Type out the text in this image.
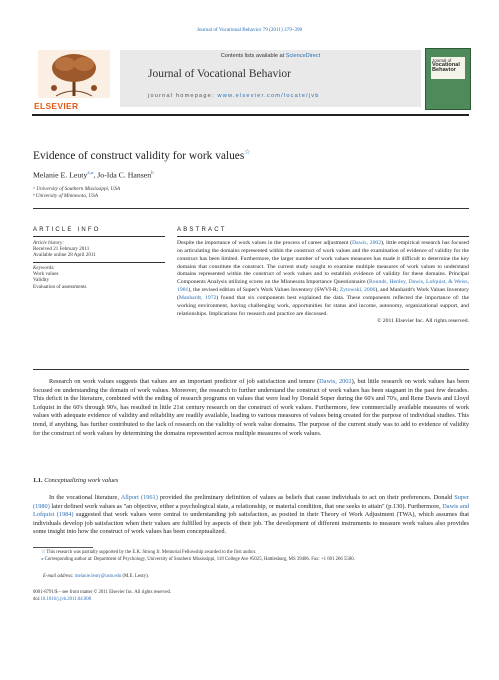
Journal of Vocational Behavior 79 (2011) 379–390
Contents lists available at ScienceDirect
Journal of Vocational Behavior
journal homepage: www.elsevier.com/locate/jvb
ELSEVIER
Journal of
Vocational
Behavior
Evidence of construct validity for work values☆
Melanie E. Leuty$^{a,⁎}$, Jo-Ida C. Hansen$^b$
ᵃ University of Southern Mississippi, USA
ᵇ University of Minnesota, USA
ARTICLE INFO
Article history:
Received 21 February 2011
Available online 28 April 2011
Keywords:
Work values
Validity
Evaluation of assessments
ABSTRACT
Despite the importance of work values in the process of career adjustment (Dawis, 2002), little empirical research has focused on articulating the domains represented within the construct of work values and the examination of evidence of validity for the construct has been limited. Furthermore, the larger number of work values measures has made it difficult to determine the key domains that constitute the construct. The current study sought to examine multiple measures of work values to understand domains represented within the construct of work values and to establish evidence of validity for these domains. Principal Components Analysis utilizing scores on the Minnesota Importance Questionnaire (Rounds, Henley, Dawis, Lofquist, & Weiss, 1981), the revised edition of Super's Work Values Inventory (SWVI-R; Zytowski, 2006), and Manhardt's Work Values Inventory (Manhardt, 1972) found that six components best explained the data. These components reflected the importance of: the working environment, having challenging work, opportunities for status and income, autonomy, organizational support, and relationships. Implications for research and practice are discussed.
© 2011 Elsevier Inc. All rights reserved.
Research on work values suggests that values are an important predictor of job satisfaction and tenure (Dawis, 2002), but little research on work values has been focused on understanding the domain of work values. Moreover, the research to further understand the construct of work values has been stagnant in the past few decades. This deficit in the literature, combined with the ending of research programs on values that were lead by Donald Super during the 60's and 70's, and Rene Dawis and Lloyd Lofquist in the 60's through 90's, has resulted in little 21st century research on the construct of work values. Furthermore, few commercially available measures of work values with adequate evidence of validity and reliability are readily available, leading to various measures of values being created for the purpose of individual studies. This trend, if anything, has further contributed to the lack of research on the validity of work value domains. The purpose of the current study was to add to evidence of validity for the construct of work values by determining the domains represented across multiple measures of work values.
1.1. Conceptualizing work values
In the vocational literature, Allport (1961) provided the preliminary definition of values as beliefs that cause individuals to act on their preferences. Donald Super (1980) later defined work values as "an objective, either a psychological state, a relationship, or material condition, that one seeks to attain" (p.130). Furthermore, Dawis and Lofquist (1984) suggested that work values were central to understanding job satisfaction, as posited in their Theory of Work Adjustment (TWA), which assumes that individuals develop job satisfaction when their values are fulfilled by aspects of their job. The development of different instruments to measure work values also provides some insight into how the construct of work values has been conceptualized.
☆ This research was partially supported by the E.K. Strong Jr. Memorial Fellowship awarded to the first author.
⁎ Corresponding author at: Department of Psychology, University of Southern Mississippi, 118 College Ave #5025, Hattiesburg, MS 39406. Fax: +1 601 266 5580.
E-mail address: melanie.leuty@usm.edu (M.E. Leuty).
0001-8791/$ – see front matter © 2011 Elsevier Inc. All rights reserved.
doi:10.1016/j.jvb.2011.04.008
